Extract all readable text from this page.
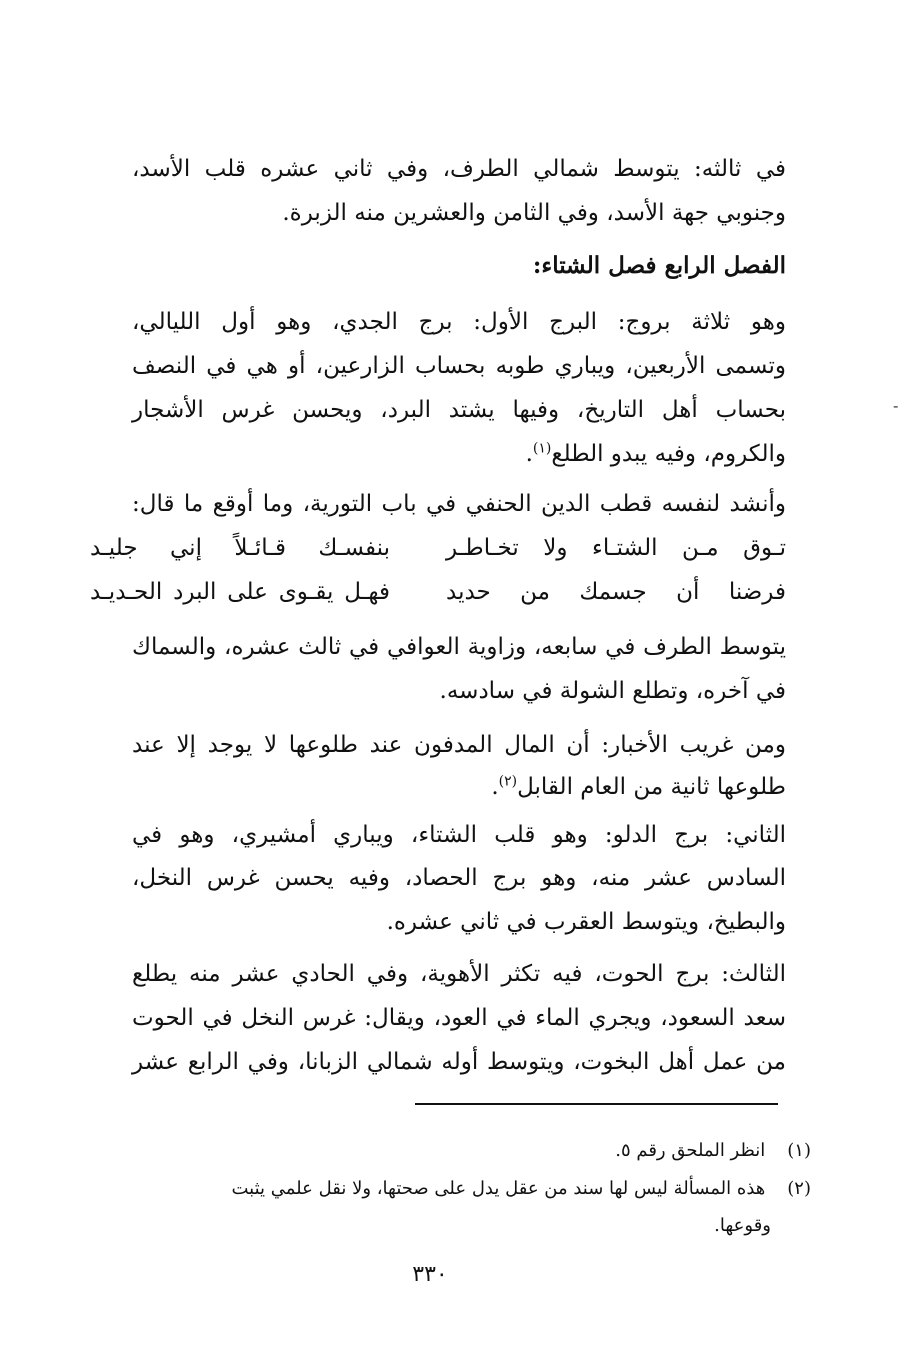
في ثالثه: يتوسط شمالي الطرف، وفي ثاني عشره قلب الأسد،
وجنوبي جهة الأسد، وفي الثامن والعشرين منه الزبرة.
الفصل الرابع فصل الشتاء:
وهو ثلاثة بروج: البرج الأول: برج الجدي، وهو أول الليالي،
وتسمى الأربعين، ويباري طوبه بحساب الزارعين، أو هي في النصف
بحساب أهل التاريخ، وفيها يشتد البرد، ويحسن غرس الأشجار
والكروم، وفيه يبدو الطلع$^{(١)}$.
وأنشد لنفسه قطب الدين الحنفي في باب التورية، وما أوقع ما قال:
تـوق مـن الشتـاء ولا تخـاطـر
بنفسـك قـائـلاً إني جليـد
فرضنا أن جسمك من حديد
فهـل يقـوى على البرد الحـديـد
يتوسط الطرف في سابعه، وزاوية العوافي في ثالث عشره، والسماك
في آخره، وتطلع الشولة في سادسه.
ومن غريب الأخبار: أن المال المدفون عند طلوعها لا يوجد إلا عند
طلوعها ثانية من العام القابل$^{(٢)}$.
الثاني: برج الدلو: وهو قلب الشتاء، ويباري أمشيري، وهو في
السادس عشر منه، وهو برج الحصاد، وفيه يحسن غرس النخل،
والبطيخ، ويتوسط العقرب في ثاني عشره.
الثالث: برج الحوت، فيه تكثر الأهوية، وفي الحادي عشر منه يطلع
سعد السعود، ويجري الماء في العود، ويقال: غرس النخل في الحوت
من عمل أهل البخوت، ويتوسط أوله شمالي الزبانا، وفي الرابع عشر
(١) انظر الملحق رقم ٥.
(٢) هذه المسألة ليس لها سند من عقل يدل على صحتها، ولا نقل علمي يثبت
وقوعها.
٣٣٠
-
